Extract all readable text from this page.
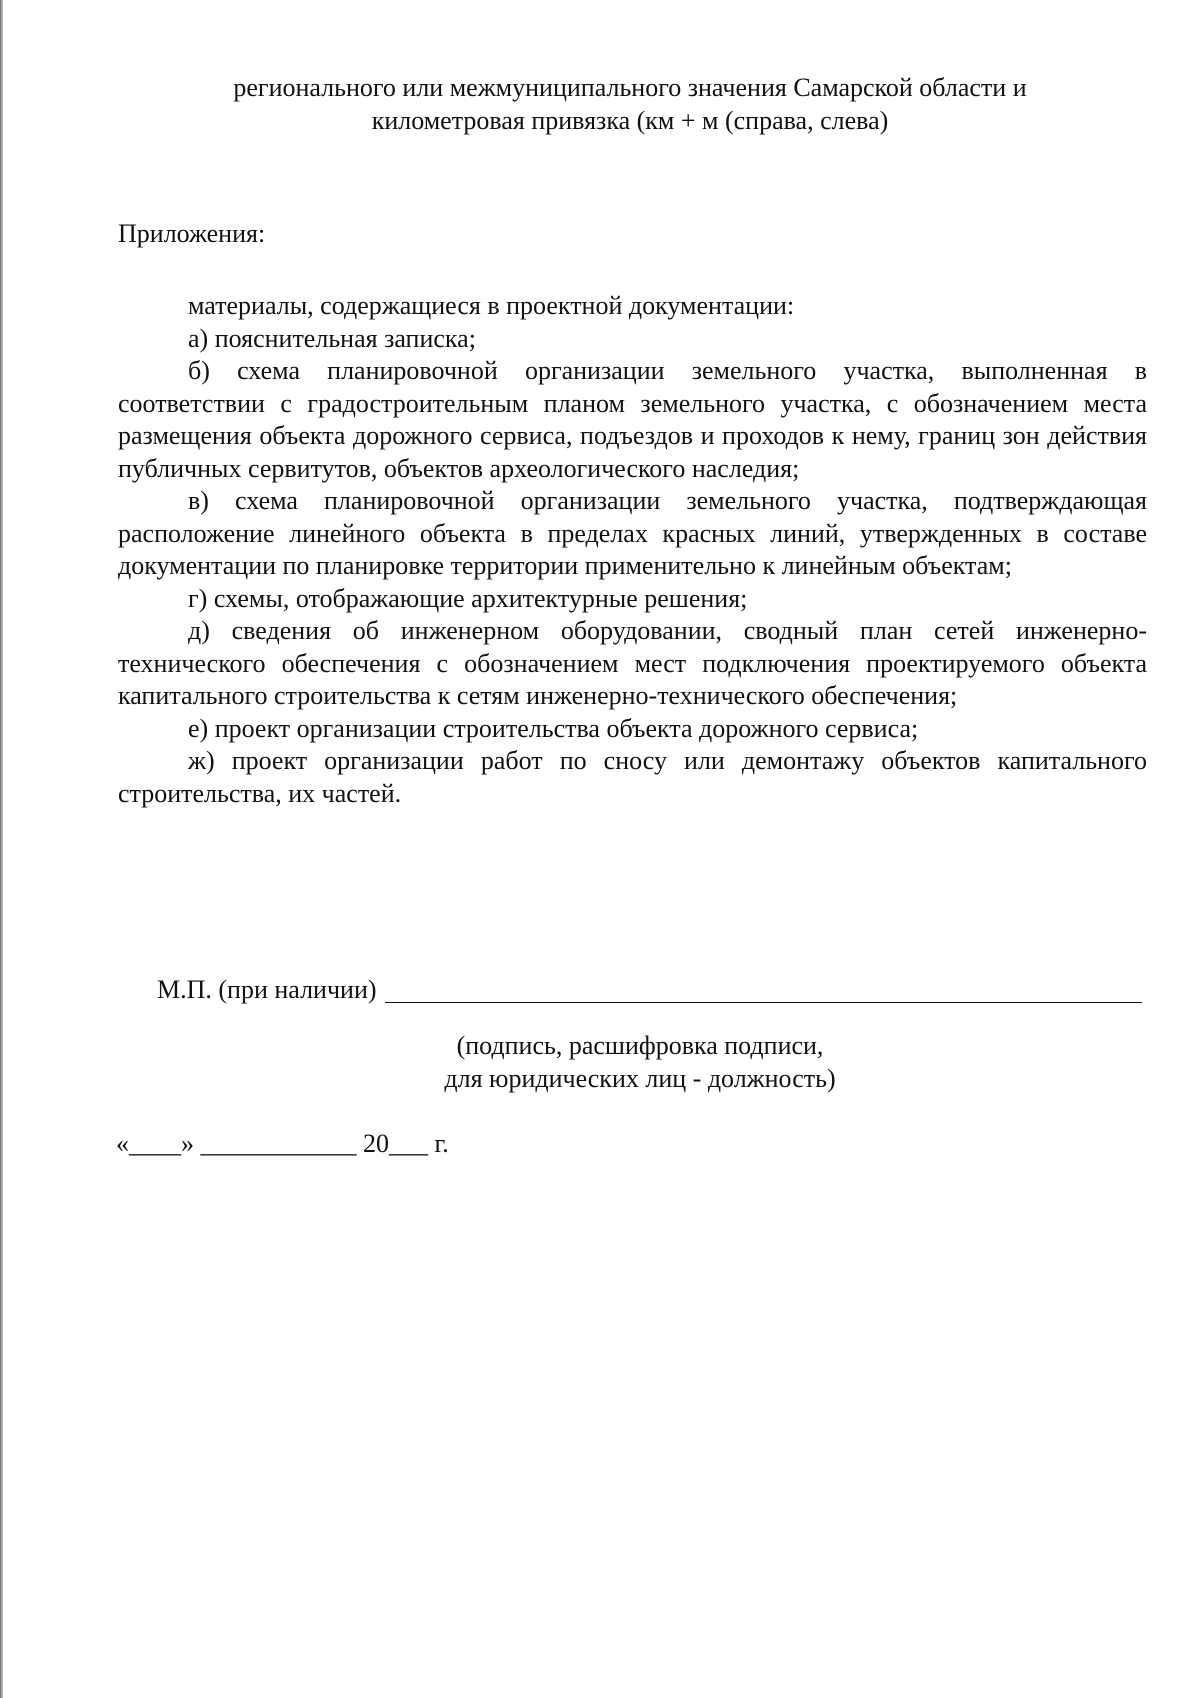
регионального или межмуниципального значения Самарской области и
километровая привязка (км + м (справа, слева)
Приложения:

материалы, содержащиеся в проектной документации:

а) пояснительная записка;

б) схема планировочной организации земельного участка, выполненная в соответствии с градостроительным планом земельного участка, с обозначением места размещения объекта дорожного сервиса, подъездов и проходов к нему, границ зон действия публичных сервитутов, объектов археологического наследия;

в) схема планировочной организации земельного участка, подтверждающая расположение линейного объекта в пределах красных линий, утвержденных в составе документации по планировке территории применительно к линейным объектам;

г) схемы, отображающие архитектурные решения;

д) сведения об инженерном оборудовании, сводный план сетей инженерно-технического обеспечения с обозначением мест подключения проектируемого объекта капитального строительства к сетям инженерно-технического обеспечения;

е) проект организации строительства объекта дорожного сервиса;

ж) проект организации работ по сносу или демонтажу объектов капитального строительства, их частей.

М.П. (при наличии)
(подпись, расшифровка подписи,
для юридических лиц - должность)
«____» ____________ 20___ г.
